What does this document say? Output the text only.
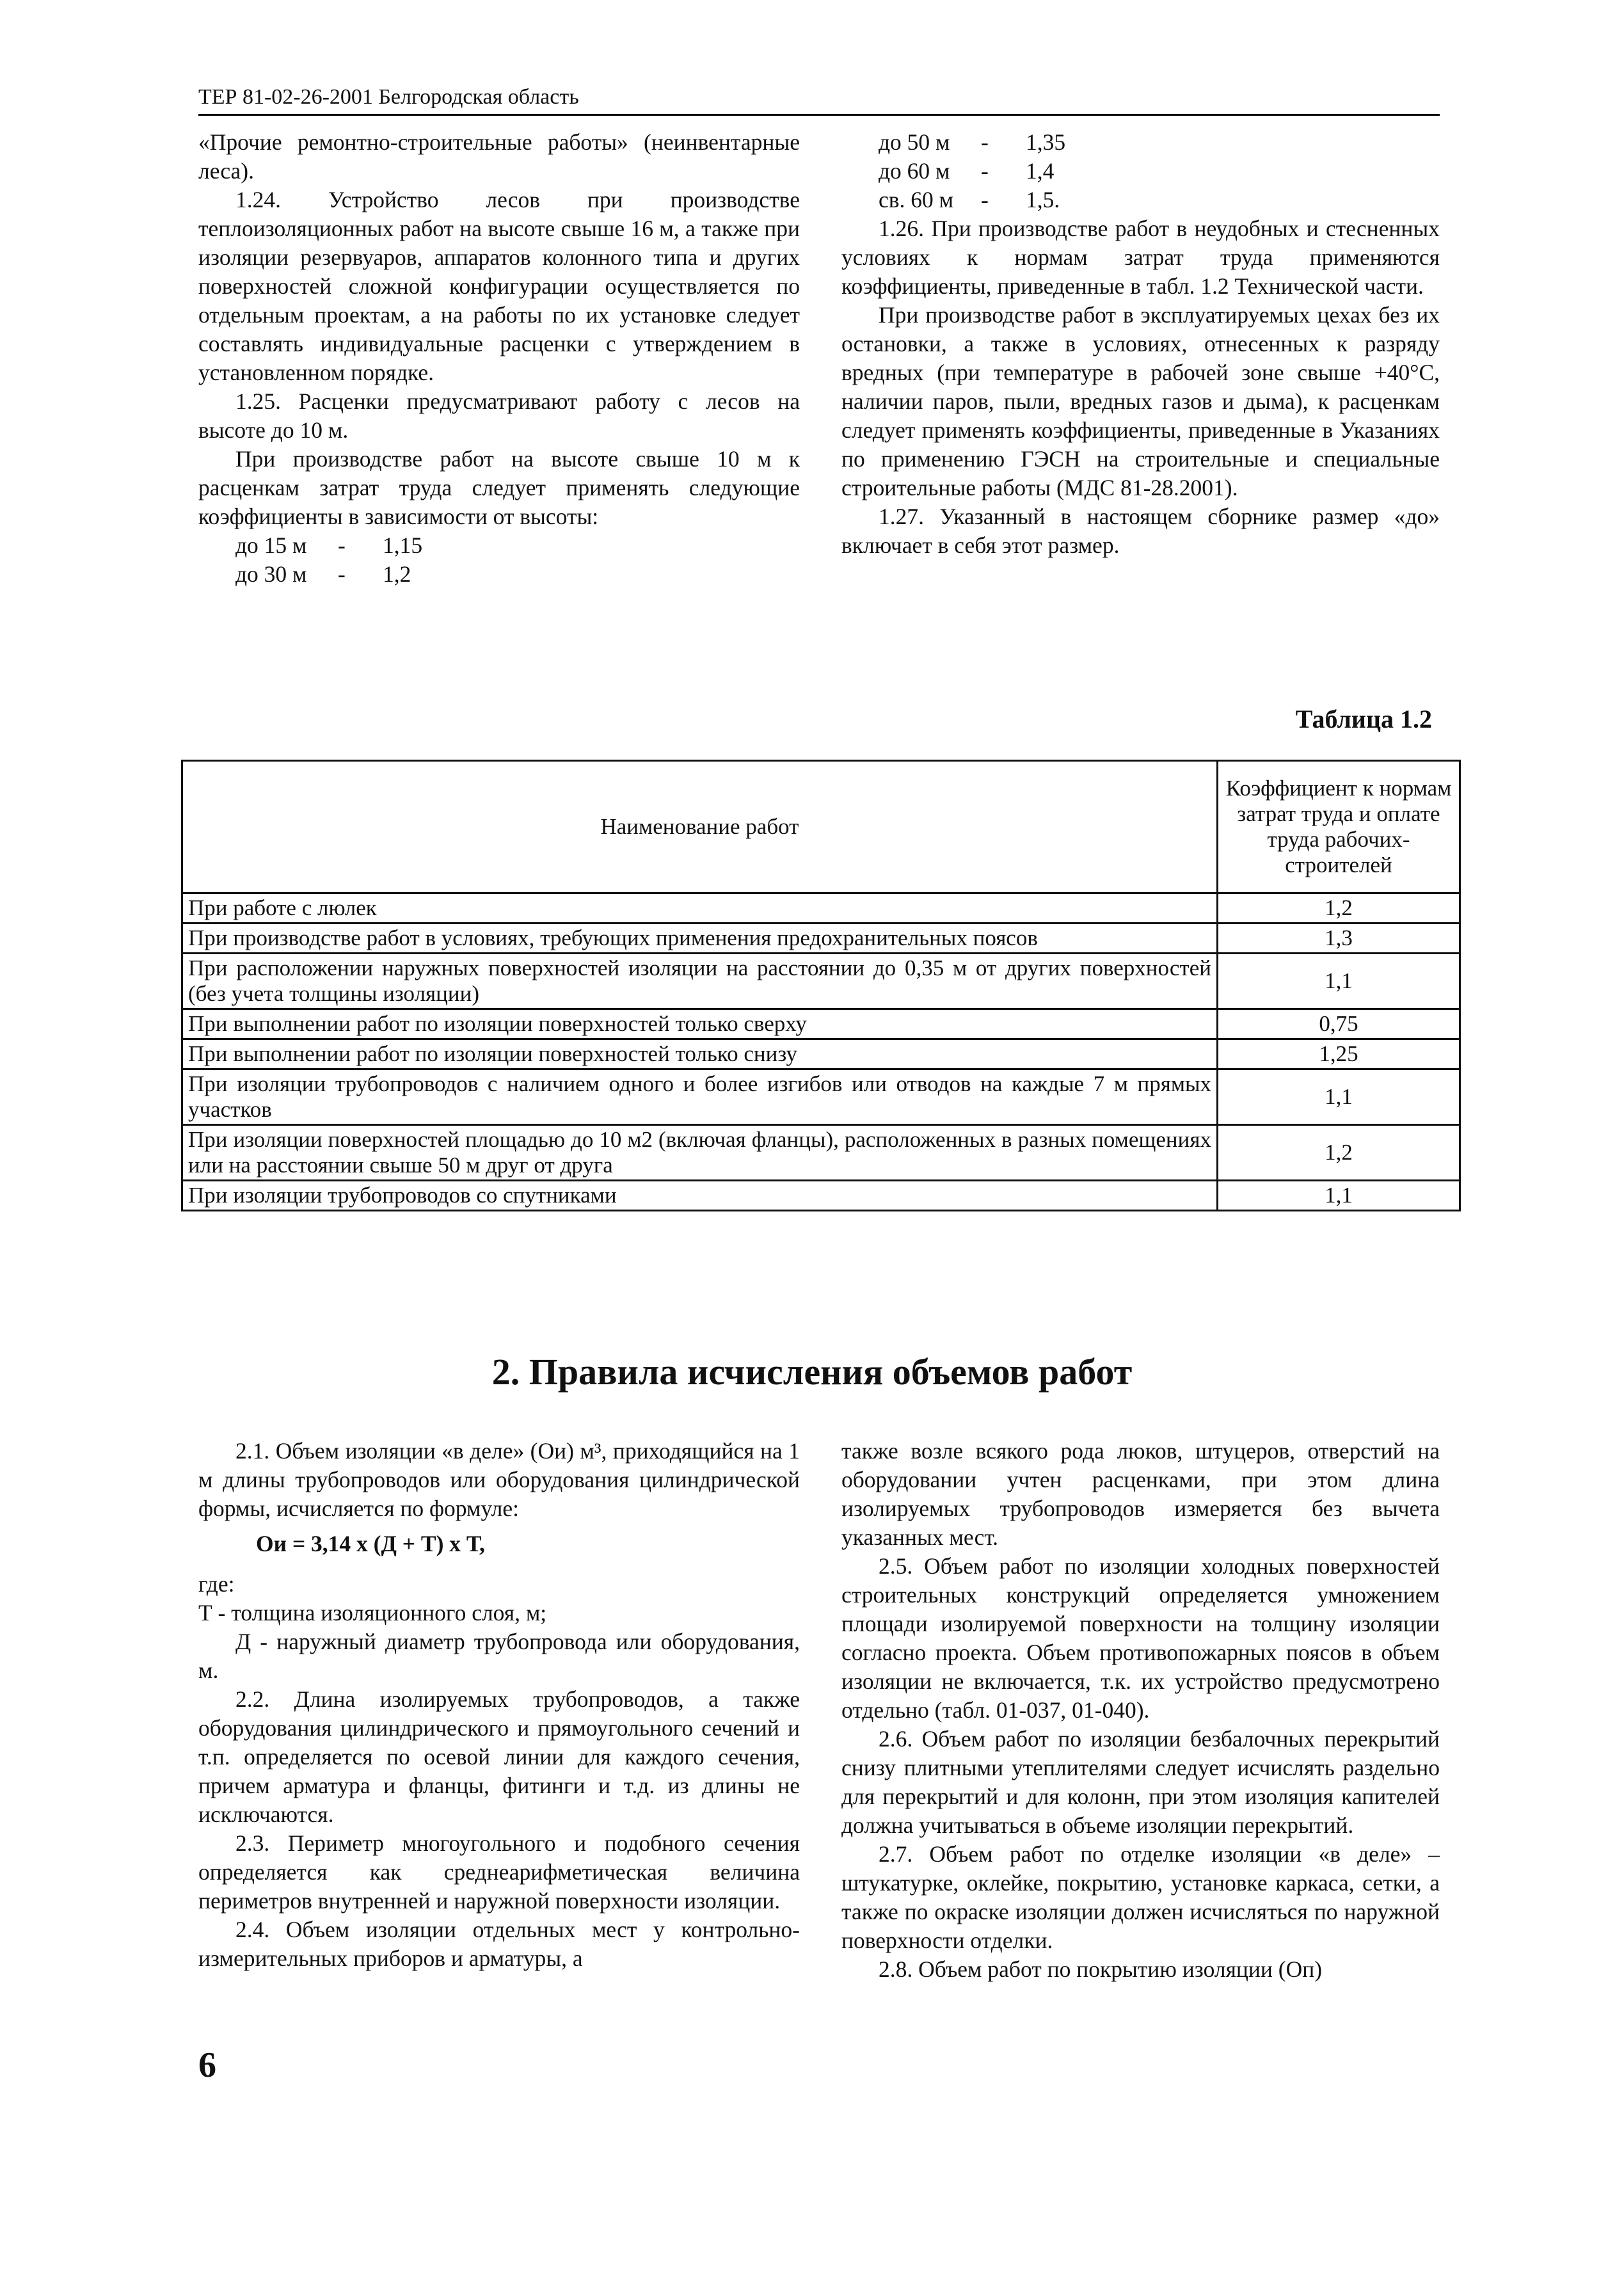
ТЕР 81-02-26-2001 Белгородская область

«Прочие ремонтно-строительные работы» (неинвентарные леса).

1.24. Устройство лесов при производстве теплоизоляционных работ на высоте свыше 16 м, а также при изоляции резервуаров, аппаратов колонного типа и других поверхностей сложной конфигурации осуществляется по отдельным проектам, а на работы по их установке следует составлять индивидуальные расценки с утверждением в установленном порядке.

1.25. Расценки предусматривают работу с лесов на высоте до 10 м.

При производстве работ на высоте свыше 10 м к расценкам затрат труда следует применять следующие коэффициенты в зависимости от высоты:

до 15 м	-	1,15
до 30 м	-	1,2
до 50 м	-	1,35
до 60 м	-	1,4
св. 60 м	-	1,5.

1.26. При производстве работ в неудобных и стесненных условиях к нормам затрат труда применяются коэффициенты, приведенные в табл. 1.2 Технической части.

При производстве работ в эксплуатируемых цехах без их остановки, а также в условиях, отнесенных к разряду вредных (при температуре в рабочей зоне свыше +40°С, наличии паров, пыли, вредных газов и дыма), к расценкам следует применять коэффициенты, приведенные в Указаниях по применению ГЭСН на строительные и специальные строительные работы (МДС 81-28.2001).

1.27. Указанный в настоящем сборнике размер «до» включает в себя этот размер.

Таблица 1.2
Наименование работ	Коэффициент к нормам затрат труда и оплате труда рабочих-строителей
При работе с люлек	1,2
При производстве работ в условиях, требующих применения предохранительных поясов	1,3
При расположении наружных поверхностей изоляции на расстоянии до 0,35 м от других поверхностей (без учета толщины изоляции)	1,1
При выполнении работ по изоляции поверхностей только сверху	0,75
При выполнении работ по изоляции поверхностей только снизу	1,25
При изоляции трубопроводов с наличием одного и более изгибов или отводов на каждые 7 м прямых участков	1,1
При изоляции поверхностей площадью до 10 м2 (включая фланцы), расположенных в разных помещениях или на расстоянии свыше 50 м друг от друга	1,2
При изоляции трубопроводов со спутниками	1,1
2. Правила исчисления объемов работ

2.1. Объем изоляции «в деле» (Ои) м³, приходящийся на 1 м длины трубопроводов или оборудования цилиндрической формы, исчисляется по формуле:

Ои = 3,14 х (Д + Т) х Т,

где:

Т - толщина изоляционного слоя, м;

Д - наружный диаметр трубопровода или оборудования, м.

2.2. Длина изолируемых трубопроводов, а также оборудования цилиндрического и прямоугольного сечений и т.п. определяется по осевой линии для каждого сечения, причем арматура и фланцы, фитинги и т.д. из длины не исключаются.

2.3. Периметр многоугольного и подобного сечения определяется как среднеарифметическая величина периметров внутренней и наружной поверхности изоляции.

2.4. Объем изоляции отдельных мест у контрольно-измерительных приборов и арматуры, а

также возле всякого рода люков, штуцеров, отверстий на оборудовании учтен расценками, при этом длина изолируемых трубопроводов измеряется без вычета указанных мест.

2.5. Объем работ по изоляции холодных поверхностей строительных конструкций определяется умножением площади изолируемой поверхности на толщину изоляции согласно проекта. Объем противопожарных поясов в объем изоляции не включается, т.к. их устройство предусмотрено отдельно (табл. 01-037, 01-040).

2.6. Объем работ по изоляции безбалочных перекрытий снизу плитными утеплителями следует исчислять раздельно для перекрытий и для колонн, при этом изоляция капителей должна учитываться в объеме изоляции перекрытий.

2.7. Объем работ по отделке изоляции «в деле» – штукатурке, оклейке, покрытию, установке каркаса, сетки, а также по окраске изоляции должен исчисляться по наружной поверхности отделки.

2.8. Объем работ по покрытию изоляции (Оп)

6
